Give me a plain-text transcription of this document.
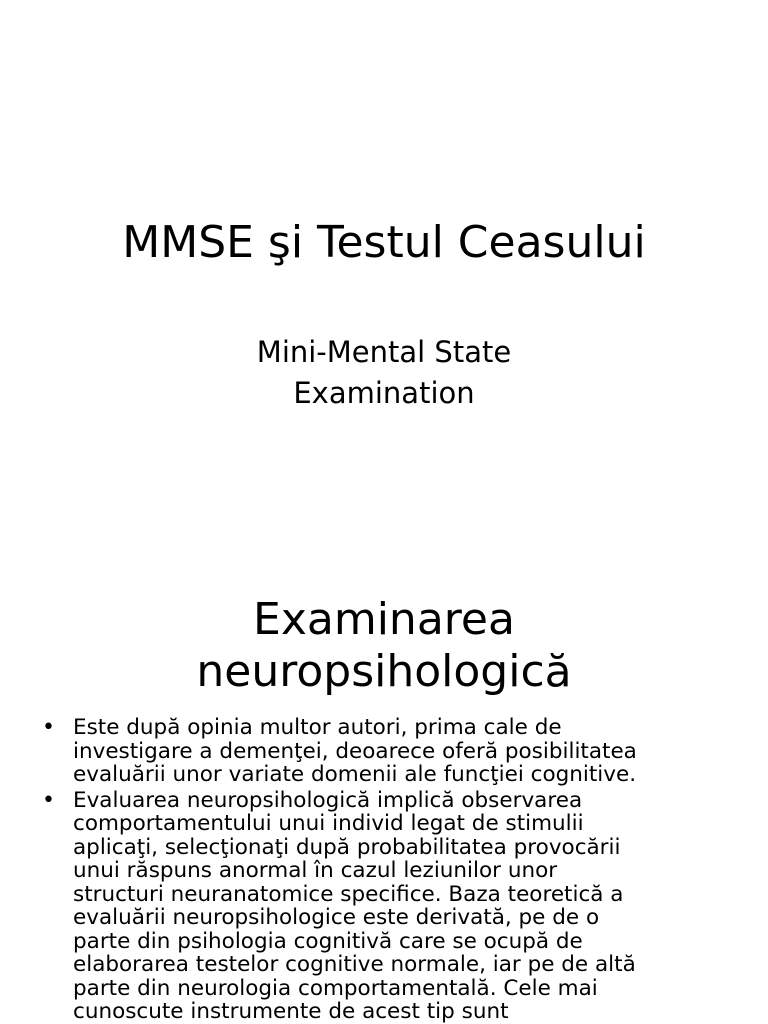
MMSE şi Testul Ceasului
Mini-Mental State
Examination
Examinarea
neuropsihologică
• Este după opinia multor autori, prima cale de
investigare a demenţei, deoarece oferă posibilitatea
evaluării unor variate domenii ale funcţiei cognitive.
• Evaluarea neuropsihologică implică observarea
comportamentului unui individ legat de stimulii
aplicaţi, selecţionaţi după probabilitatea provocării
unui răspuns anormal în cazul leziunilor unor
structuri neuranatomice specifice. Baza teoretică a
evaluării neuropsihologice este derivată, pe de o
parte din psihologia cognitivă care se ocupă de
elaborarea testelor cognitive normale, iar pe de altă
parte din neurologia comportamentală. Cele mai
cunoscute instrumente de acest tip sunt
